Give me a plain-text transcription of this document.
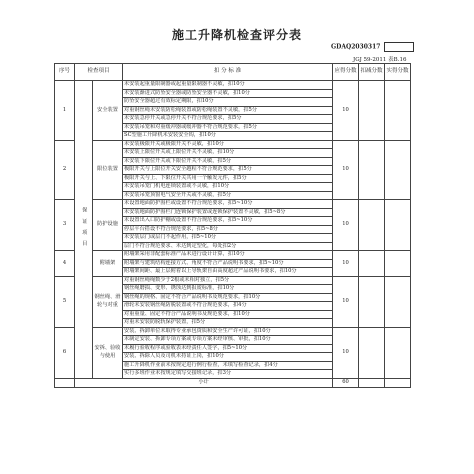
施工升降机检查评分表
GDAQ2030317
JGJ 59-2011 表B.16
序号	检查项目		扣 分 标 准	应得分数	扣减分数	实得分数
1	保证项目	安全装置	未安装起重量限制器或起重量限制器不灵敏，扣10分	10		
			未安装渐进式防坠安全器或防坠安全器不灵敏，扣10分			
			防坠安全器超过有效标定期限，扣10分			
			对重钢丝绳未安装防松绳装置或防松绳装置不灵敏，扣5分			
			未安装急停开关或急停开关不符合规范要求，扣5分			
			未安装吊笼和对重缓冲器或缓冲器不符合规范要求，扣5分			
			SC型施工升降机未安装安全钩，扣10分			
2		限位装置	未安装极限开关或极限开关不灵敏，扣10分	10		
			未安装上限位开关或上限位开关不灵敏，扣10分			
			未安装下限位开关或下限位开关不灵敏，扣5分			
			极限开关与上限位开关安全越程不符合规范要求，扣5分			
			极限开关与上、下限位开关共用一个触发元件，扣5分			
			未安装吊笼门机电连锁装置或不灵敏，扣10分			
			未安装吊笼顶窗电气安全开关或不灵敏，扣5分			
3		防护设施	未设置地面防护围栏或设置不符合规范要求，扣5~10分	10		
			未安装地面防护围栏门连锁保护装置或连锁保护装置不灵敏，扣5~8分			
			未设置出入口防护棚或设置不符合规范要求，扣5~10分			
			停层平台搭设不符合规范要求，扣5~8分			
			未安装层门或层门不起作用，扣5~10分			
			层门不符合规范要求、未达到定型化，每处扣2分			
4		附墙架	附墙架采用非配套标准产品未进行设计计算，扣10分	10		
			附墙架与建筑结构连接方式、角度不符合产品说明书要求，扣5~10分			
			附墙架间距、最上层附着以上导轨架自由高度超过产品说明书要求，扣10分			
5		钢丝绳、滑轮与对重	对重钢丝绳绳数少于2根或未相对独立，扣5分	10		
			钢丝绳磨损、变形、锈蚀达到报废标准，扣10分			
			钢丝绳的规格、固定不符合产品说明书及规范要求，扣10分			
			滑轮未安装钢丝绳防脱装置或不符合规范要求，扣4分			
			对重重量、固定不符合产品说明书及规范要求，扣10分			
			对重未安装防脱轨保护装置，扣5分			
6		安拆、验收与使用	安装、拆卸单位未取得专业承包资质和安全生产许可证，扣10分	10		
			未制定安装、拆卸专项方案或专项方案未经审核、审批，扣10分			
			未履行验收程序或验收表未经责任人签字，扣5~10分			
			安装、拆除人员及司机未持证上岗，扣10分			
			施工升降机作业前未按规定进行例行检查，未填写检查记录，扣4分			
			实行多班作业未按规定填写交接班记录，扣3分			
	小计			60		
